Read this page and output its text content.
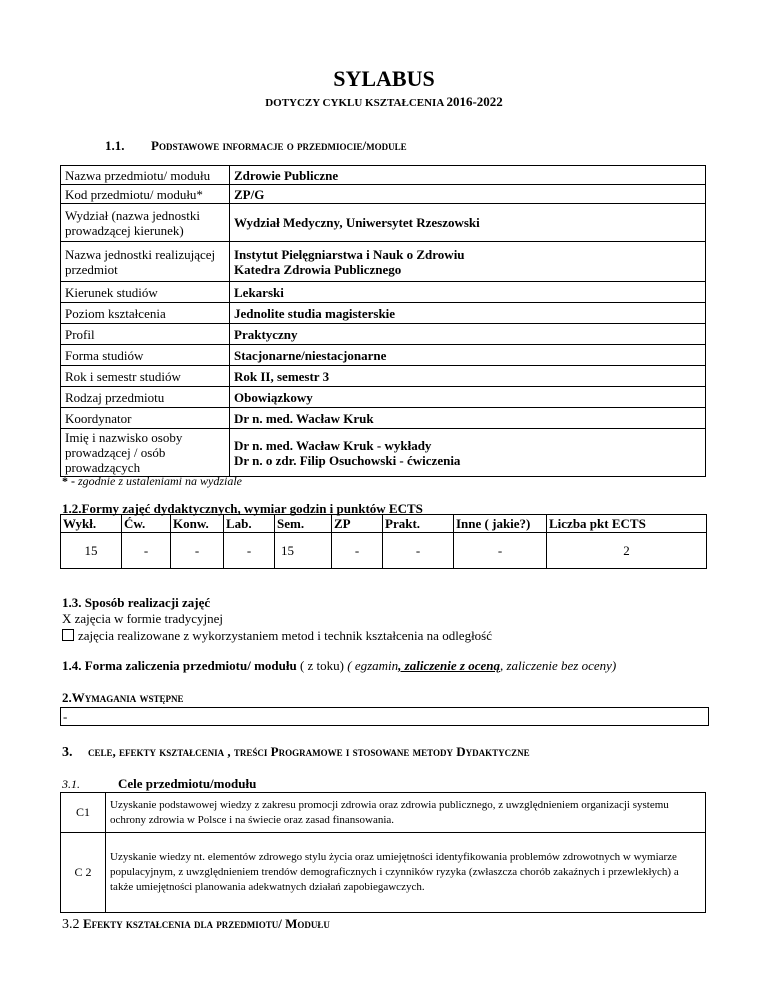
SYLABUS
DOTYCZY CYKLU KSZTAŁCENIA 2016-2022
1.1. Podstawowe informacje o przedmiocie/module
Nazwa przedmiotu/ modułu	Zdrowie Publiczne
Kod przedmiotu/ modułu*	ZP/G
Wydział (nazwa jednostki prowadzącej kierunek)	Wydział Medyczny, Uniwersytet Rzeszowski
Nazwa jednostki realizującej przedmiot	Instytut Pielęgniarstwa i Nauk o Zdrowiu
Katedra Zdrowia Publicznego

Kierunek studiów	Lekarski
Poziom kształcenia	Jednolite studia magisterskie
Profil	Praktyczny
Forma studiów	Stacjonarne/niestacjonarne
Rok i semestr studiów	Rok II, semestr 3
Rodzaj przedmiotu	Obowiązkowy
Koordynator	Dr n. med. Wacław Kruk
Imię i nazwisko osoby prowadzącej / osób prowadzących	Dr n. med. Wacław Kruk - wykłady
Dr n. o zdr. Filip Osuchowski - ćwiczenia
* - zgodnie z ustaleniami na wydziale
1.2.Formy zajęć dydaktycznych, wymiar godzin i punktów ECTS
Wykł.	Ćw.	Konw.	Lab.	Sem.	ZP	Prakt.	Inne ( jakie?)	Liczba pkt ECTS
15	-	-	-	15	-	-	-	2
1.3. Sposób realizacji zajęć
X zajęcia w formie tradycyjnej
zajęcia realizowane z wykorzystaniem metod i technik kształcenia na odległość
1.4. Forma zaliczenia przedmiotu/ modułu ( z toku) ( egzamin, zaliczenie z oceną, zaliczenie bez oceny)
2.Wymagania wstępne
-
3. cele, efekty kształcenia , treści Programowe i stosowane metody Dydaktyczne
3.1.	Cele przedmiotu/modułu
C1	Uzyskanie podstawowej wiedzy z zakresu promocji zdrowia oraz zdrowia publicznego, z uwzględnieniem organizacji systemu ochrony zdrowia w Polsce i na świecie oraz zasad finansowania.
C 2	Uzyskanie wiedzy nt. elementów zdrowego stylu życia oraz umiejętności identyfikowania problemów zdrowotnych w wymiarze populacyjnym, z uwzględnieniem trendów demograficznych i czynników ryzyka (zwłaszcza chorób zakaźnych i przewlekłych) a także umiejętności planowania adekwatnych działań zapobiegawczych.
3.2 Efekty kształcenia dla przedmiotu/ Modułu
